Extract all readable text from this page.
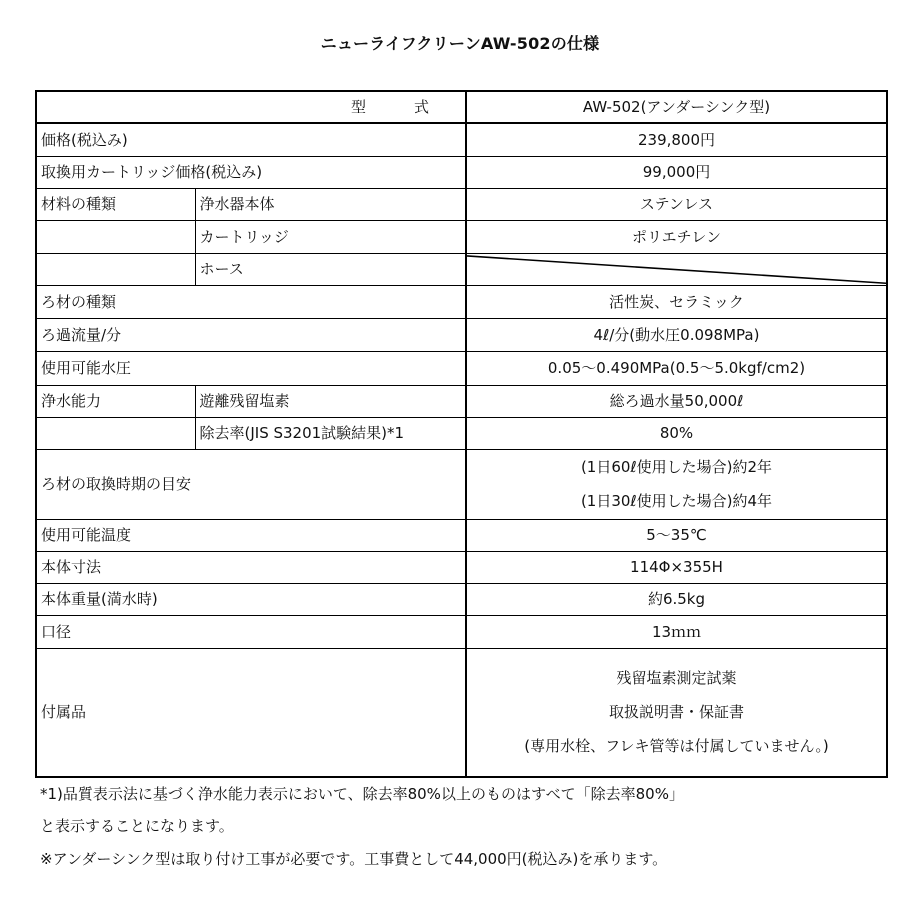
ニューライフクリーンAW-502の仕様
型 式		AW-502(アンダーシンク型)
価格(税込み)		239,800円
取換用カートリッジ価格(税込み)		99,000円
材料の種類	浄水器本体	ステンレス
	カートリッジ	ポリエチレン
	ホース	

ろ材の種類		活性炭、セラミック
ろ過流量/分		4ℓ/分(動水圧0.098MPa)
使用可能水圧		0.05～0.490MPa(0.5～5.0kgf/cm2)
浄水能力	遊離残留塩素	総ろ過水量50,000ℓ
	除去率(JIS S3201試験結果)*1	80%
ろ材の取換時期の目安		(1日60ℓ使用した場合)約2年
(1日30ℓ使用した場合)約4年

使用可能温度		5～35℃
本体寸法		114Φ×355H
本体重量(満水時)		約6.5kg
口径		13ｍｍ
付属品		残留塩素測定試薬
取扱説明書・保証書
(専用水栓、フレキ管等は付属していません。)
*1)品質表示法に基づく浄水能力表示において、除去率80%以上のものはすべて「除去率80%」
と表示することになります。
※アンダーシンク型は取り付け工事が必要です。工事費として44,000円(税込み)を承ります。
